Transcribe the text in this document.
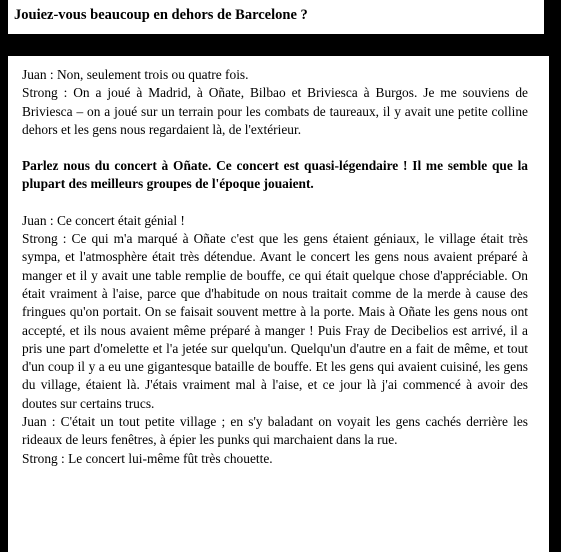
Jouiez-vous beaucoup en dehors de Barcelone ?

Juan : Non, seulement trois ou quatre fois.

Strong : On a joué à Madrid, à Oñate, Bilbao et Briviesca à Burgos. Je me souviens de Briviesca – on a joué sur un terrain pour les combats de taureaux, il y avait une petite colline dehors et les gens nous regardaient là, de l'extérieur.

Parlez nous du concert à Oñate. Ce concert est quasi-légendaire ! Il me semble que la plupart des meilleurs groupes de l'époque jouaient.

Juan : Ce concert était génial !

Strong : Ce qui m'a marqué à Oñate c'est que les gens étaient géniaux, le village était très sympa, et l'atmosphère était très détendue. Avant le concert les gens nous avaient préparé à manger et il y avait une table remplie de bouffe, ce qui était quelque chose d'appréciable. On était vraiment à l'aise, parce que d'habitude on nous traitait comme de la merde à cause des fringues qu'on portait. On se faisait souvent mettre à la porte. Mais à Oñate les gens nous ont accepté, et ils nous avaient même préparé à manger ! Puis Fray de Decibelios est arrivé, il a pris une part d'omelette et l'a jetée sur quelqu'un. Quelqu'un d'autre en a fait de même, et tout d'un coup il y a eu une gigantesque bataille de bouffe. Et les gens qui avaient cuisiné, les gens du village, étaient là. J'étais vraiment mal à l'aise, et ce jour là j'ai commencé à avoir des doutes sur certains trucs.

Juan : C'était un tout petite village ; en s'y baladant on voyait les gens cachés derrière les rideaux de leurs fenêtres, à épier les punks qui marchaient dans la rue.

Strong : Le concert lui-même fût très chouette.
